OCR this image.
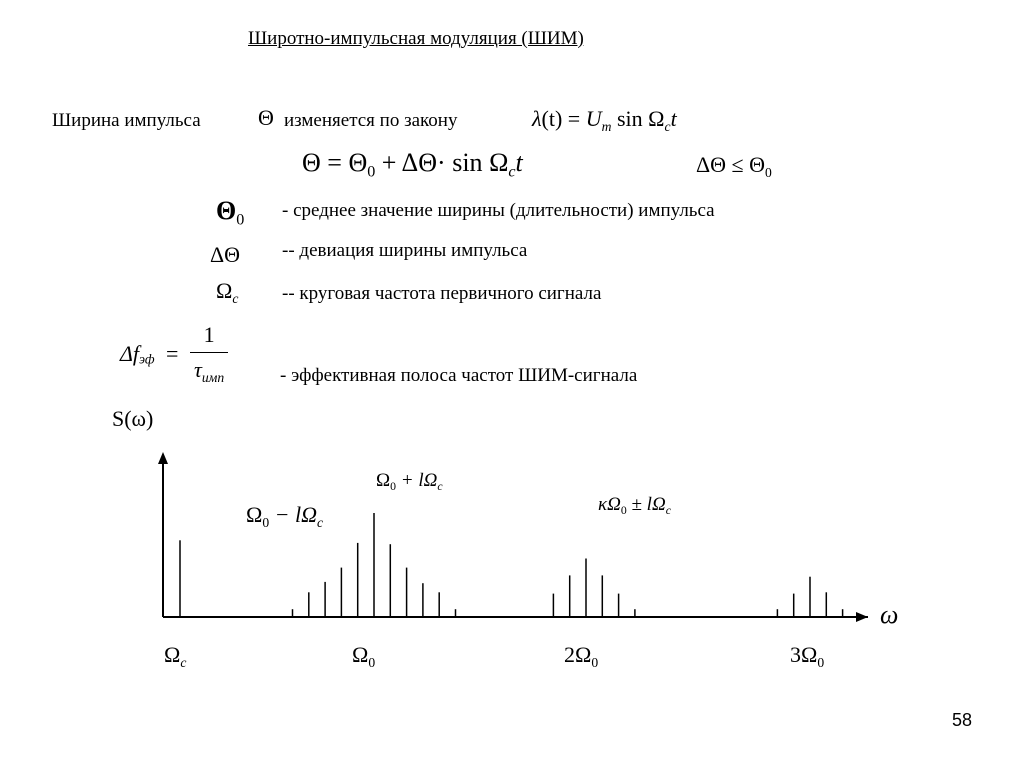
Широтно-импульсная модуляция (ШИМ)
Ширина импульса	Θ изменяется по закону	$\lambda(t) = U_m$ $\sin \Omega_ct$
$\Theta = \Theta_0 + \Delta\Theta\cdot \sin \Omega_ct$	$\Delta\Theta \le \Theta_0$
$\Theta_0$ - среднее значение ширины (длительности) импульса
ΔΘ -- девиация ширины импульса
$\Omega_c$ -- круговая частота первичного сигнала
$\Delta f_{эф} = \frac{1}{\tau_{имп}}$	- эффективная полоса частот ШИМ-сигнала
S(ω)
ω
$\Omega_0 - l\Omega_c$
$\Omega_0 + l\Omega_c$
$\kappa\Omega_0 \pm l\Omega_c$
$\Omega_c$	$\Omega_0$	$2\Omega_0$	$3\Omega_0$
58
